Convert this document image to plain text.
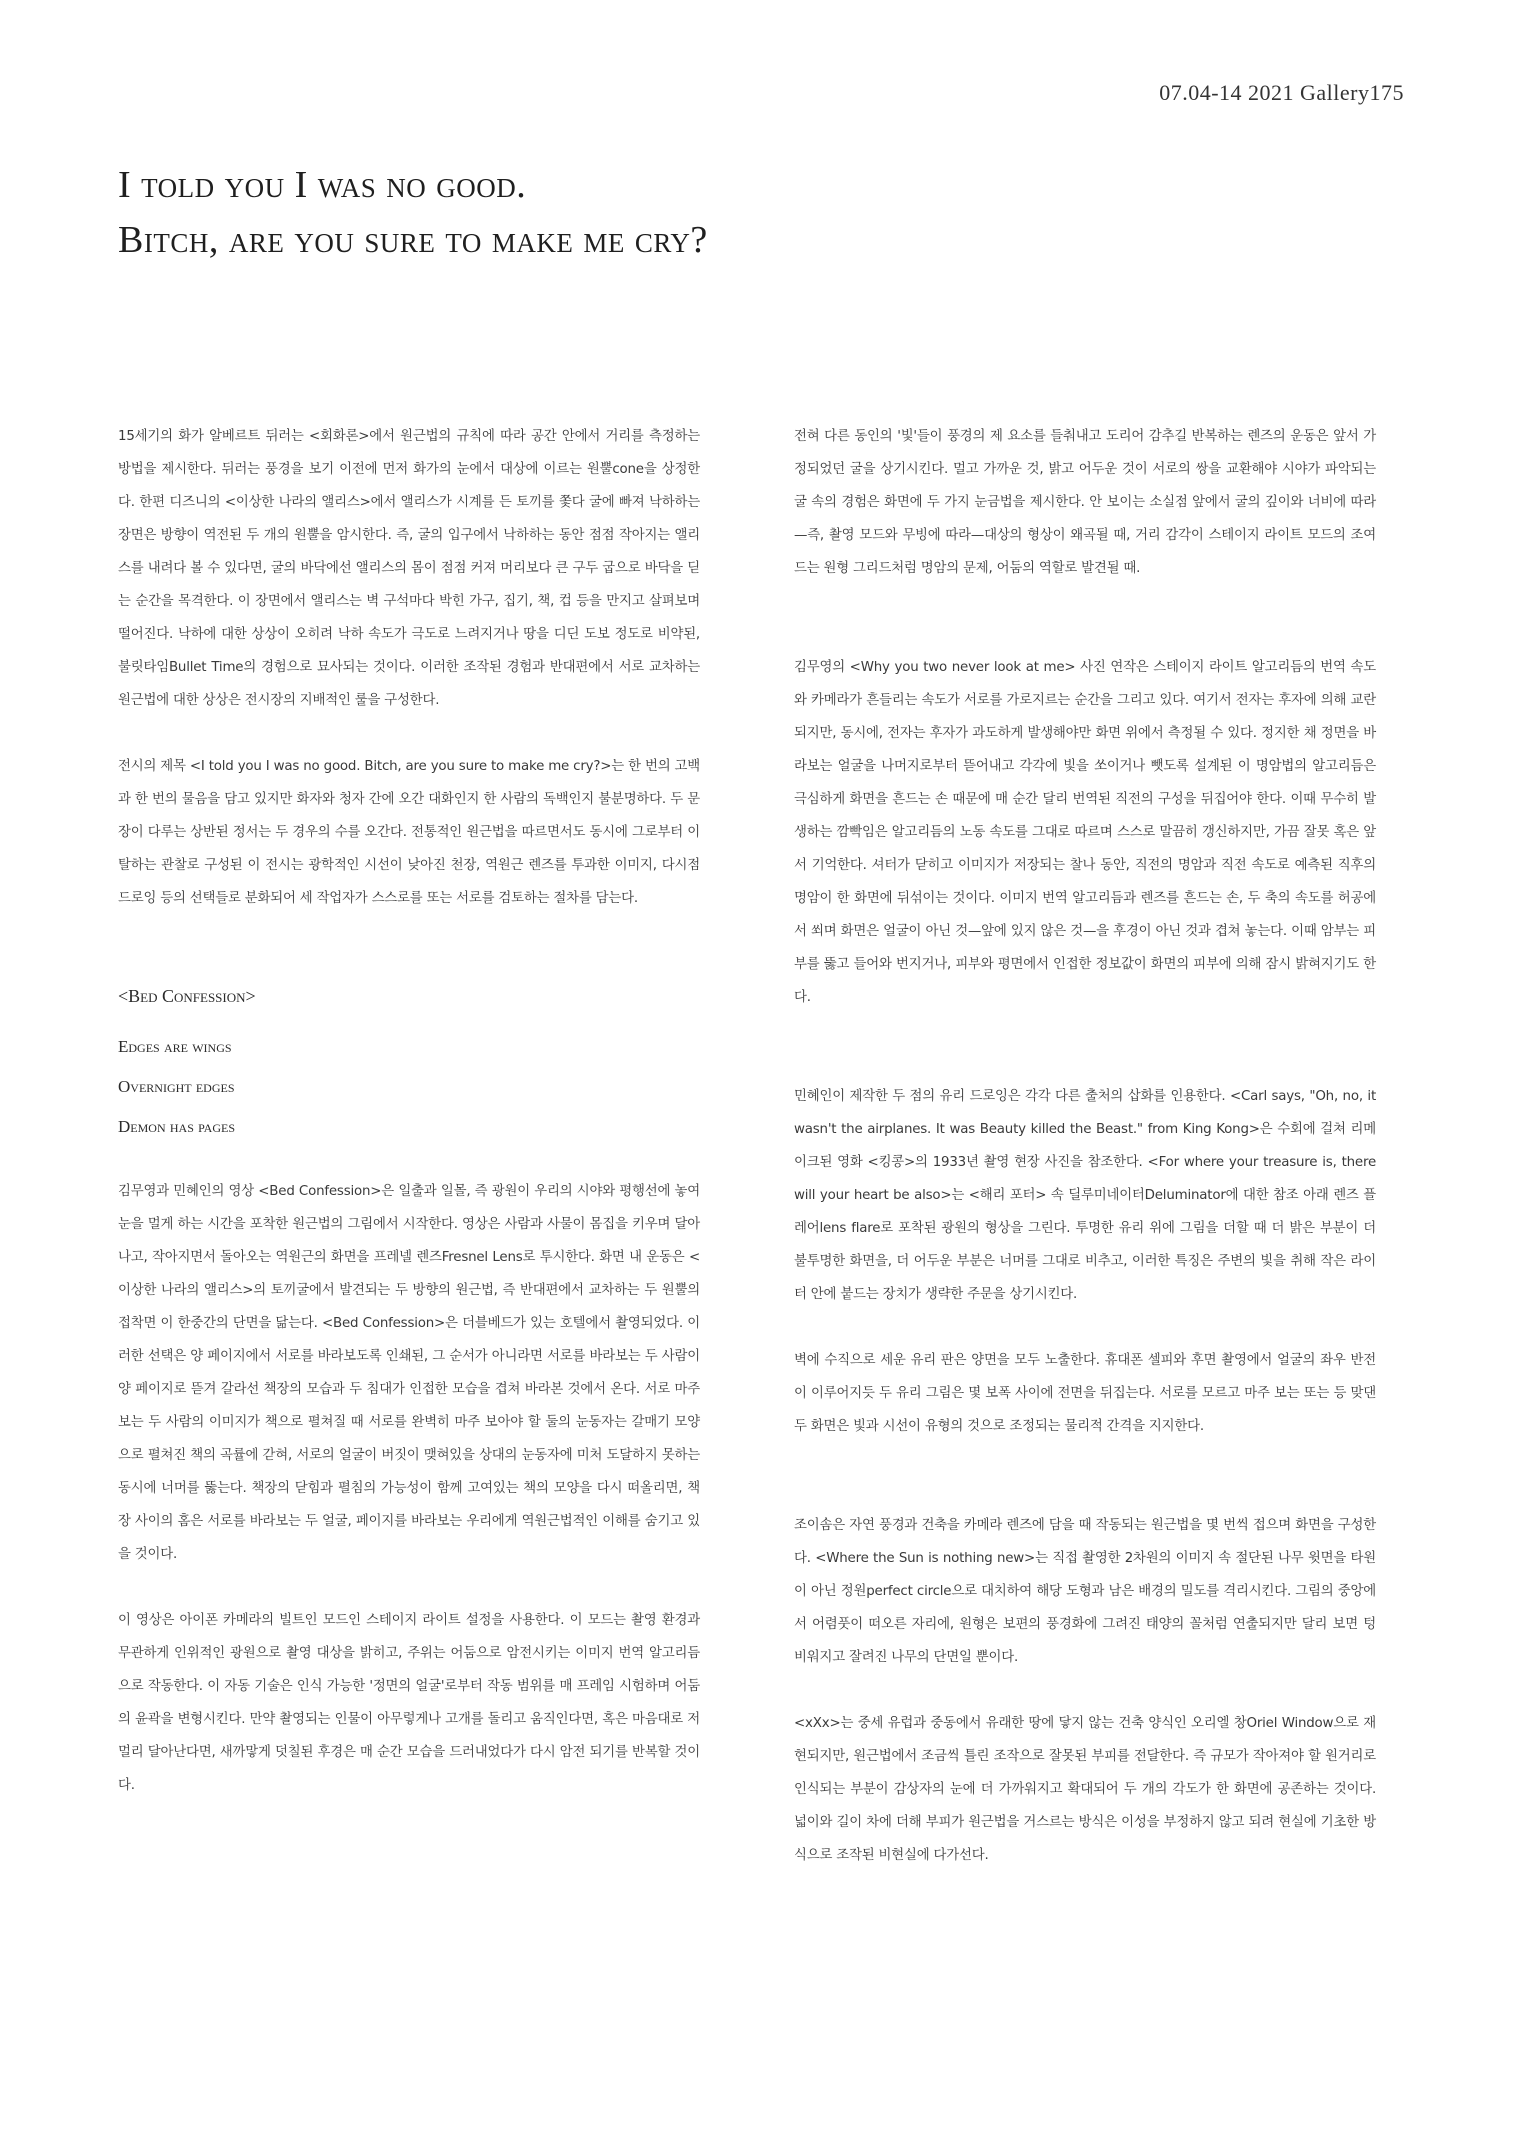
07.04-14 2021 Gallery175
I told you I was no good.
Bitch, are you sure to make me cry?

15세기의 화가 알베르트 뒤러는 <회화론>에서 원근법의 규칙에 따라 공간 안에서 거리를 측정하는 방법을 제시한다. 뒤러는 풍경을 보기 이전에 먼저 화가의 눈에서 대상에 이르는 원뿔cone을 상정한다. 한편 디즈니의 <이상한 나라의 앨리스>에서 앨리스가 시계를 든 토끼를 쫓다 굴에 빠져 낙하하는 장면은 방향이 역전된 두 개의 원뿔을 암시한다. 즉, 굴의 입구에서 낙하하는 동안 점점 작아지는 앨리스를 내려다 볼 수 있다면, 굴의 바닥에선 앨리스의 몸이 점점 커져 머리보다 큰 구두 굽으로 바닥을 딛는 순간을 목격한다. 이 장면에서 앨리스는 벽 구석마다 박힌 가구, 집기, 책, 컵 등을 만지고 살펴보며 떨어진다. 낙하에 대한 상상이 오히려 낙하 속도가 극도로 느려지거나 땅을 디딘 도보 정도로 비약된, 불릿타임Bullet Time의 경험으로 묘사되는 것이다. 이러한 조작된 경험과 반대편에서 서로 교차하는 원근법에 대한 상상은 전시장의 지배적인 룰을 구성한다.

전시의 제목 <I told you I was no good. Bitch, are you sure to make me cry?>는 한 번의 고백과 한 번의 물음을 담고 있지만 화자와 청자 간에 오간 대화인지 한 사람의 독백인지 불분명하다. 두 문장이 다루는 상반된 정서는 두 경우의 수를 오간다. 전통적인 원근법을 따르면서도 동시에 그로부터 이탈하는 관찰로 구성된 이 전시는 광학적인 시선이 낮아진 천장, 역원근 렌즈를 투과한 이미지, 다시점 드로잉 등의 선택들로 분화되어 세 작업자가 스스로를 또는 서로를 검토하는 절차를 담는다.

<Bed Confession>

Edges are wings

Overnight edges

Demon has pages

김무영과 민혜인의 영상 <Bed Confession>은 일출과 일몰, 즉 광원이 우리의 시야와 평행선에 놓여 눈을 멀게 하는 시간을 포착한 원근법의 그림에서 시작한다. 영상은 사람과 사물이 몸집을 키우며 달아나고, 작아지면서 돌아오는 역원근의 화면을 프레넬 렌즈Fresnel Lens로 투시한다. 화면 내 운동은 <이상한 나라의 앨리스>의 토끼굴에서 발견되는 두 방향의 원근법, 즉 반대편에서 교차하는 두 원뿔의 접착면 이 한중간의 단면을 닮는다. <Bed Confession>은 더블베드가 있는 호텔에서 촬영되었다. 이러한 선택은 양 페이지에서 서로를 바라보도록 인쇄된, 그 순서가 아니라면 서로를 바라보는 두 사람이 양 페이지로 뜯겨 갈라선 책장의 모습과 두 침대가 인접한 모습을 겹쳐 바라본 것에서 온다. 서로 마주 보는 두 사람의 이미지가 책으로 펼쳐질 때 서로를 완벽히 마주 보아야 할 둘의 눈동자는 갈매기 모양으로 펼쳐진 책의 곡률에 갇혀, 서로의 얼굴이 버짓이 맺혀있을 상대의 눈동자에 미처 도달하지 못하는 동시에 너머를 뚫는다. 책장의 닫힘과 펼침의 가능성이 함께 고여있는 책의 모양을 다시 떠올리면, 책장 사이의 홈은 서로를 바라보는 두 얼굴, 페이지를 바라보는 우리에게 역원근법적인 이해를 숨기고 있을 것이다.

이 영상은 아이폰 카메라의 빌트인 모드인 스테이지 라이트 설정을 사용한다. 이 모드는 촬영 환경과 무관하게 인위적인 광원으로 촬영 대상을 밝히고, 주위는 어둠으로 암전시키는 이미지 번역 알고리듬으로 작동한다. 이 자동 기술은 인식 가능한 '정면의 얼굴'로부터 작동 범위를 매 프레임 시험하며 어둠의 윤곽을 변형시킨다. 만약 촬영되는 인물이 아무렇게나 고개를 돌리고 움직인다면, 혹은 마음대로 저 멀리 달아난다면, 새까맣게 덧칠된 후경은 매 순간 모습을 드러내었다가 다시 암전 되기를 반복할 것이다.

전혀 다른 동인의 '빛'들이 풍경의 제 요소를 들춰내고 도리어 감추길 반복하는 렌즈의 운동은 앞서 가정되었던 굴을 상기시킨다. 멀고 가까운 것, 밝고 어두운 것이 서로의 쌍을 교환해야 시야가 파악되는 굴 속의 경험은 화면에 두 가지 눈금법을 제시한다. 안 보이는 소실점 앞에서 굴의 깊이와 너비에 따라—즉, 촬영 모드와 무빙에 따라—대상의 형상이 왜곡될 때, 거리 감각이 스테이지 라이트 모드의 조여드는 원형 그리드처럼 명암의 문제, 어둠의 역할로 발견될 때.

김무영의 <Why you two never look at me> 사진 연작은 스테이지 라이트 알고리듬의 번역 속도와 카메라가 흔들리는 속도가 서로를 가로지르는 순간을 그리고 있다. 여기서 전자는 후자에 의해 교란되지만, 동시에, 전자는 후자가 과도하게 발생해야만 화면 위에서 측정될 수 있다. 정지한 채 정면을 바라보는 얼굴을 나머지로부터 뜯어내고 각각에 빛을 쏘이거나 뺏도록 설계된 이 명암법의 알고리듬은 극심하게 화면을 흔드는 손 때문에 매 순간 달리 번역된 직전의 구성을 뒤집어야 한다. 이때 무수히 발생하는 깜빡임은 알고리듬의 노동 속도를 그대로 따르며 스스로 말끔히 갱신하지만, 가끔 잘못 혹은 앞서 기억한다. 셔터가 닫히고 이미지가 저장되는 찰나 동안, 직전의 명암과 직전 속도로 예측된 직후의 명암이 한 화면에 뒤섞이는 것이다. 이미지 번역 알고리듬과 렌즈를 흔드는 손, 두 축의 속도를 허공에서 쐬며 화면은 얼굴이 아닌 것—앞에 있지 않은 것—을 후경이 아닌 것과 겹쳐 놓는다. 이때 암부는 피부를 뚫고 들어와 번지거나, 피부와 평면에서 인접한 정보값이 화면의 피부에 의해 잠시 밝혀지기도 한다.

민혜인이 제작한 두 점의 유리 드로잉은 각각 다른 출처의 삽화를 인용한다. <Carl says, "Oh, no, it wasn't the airplanes. It was Beauty killed the Beast." from King Kong>은 수회에 걸쳐 리메이크된 영화 <킹콩>의 1933년 촬영 현장 사진을 참조한다. <For where your treasure is, there will your heart be also>는 <해리 포터> 속 딜루미네이터Deluminator에 대한 참조 아래 렌즈 플레어lens flare로 포착된 광원의 형상을 그린다. 투명한 유리 위에 그림을 더할 때 더 밝은 부분이 더 불투명한 화면을, 더 어두운 부분은 너머를 그대로 비추고, 이러한 특징은 주변의 빛을 취해 작은 라이터 안에 붙드는 장치가 생략한 주문을 상기시킨다.

벽에 수직으로 세운 유리 판은 양면을 모두 노출한다. 휴대폰 셀피와 후면 촬영에서 얼굴의 좌우 반전이 이루어지듯 두 유리 그림은 몇 보폭 사이에 전면을 뒤집는다. 서로를 모르고 마주 보는 또는 등 맞댄 두 화면은 빛과 시선이 유형의 것으로 조정되는 물리적 간격을 지지한다.

조이솜은 자연 풍경과 건축을 카메라 렌즈에 담을 때 작동되는 원근법을 몇 번씩 접으며 화면을 구성한다. <Where the Sun is nothing new>는 직접 촬영한 2차원의 이미지 속 절단된 나무 윗면을 타원이 아닌 정원perfect circle으로 대치하여 해당 도형과 남은 배경의 밀도를 격리시킨다. 그림의 중앙에서 어렴풋이 떠오른 자리에, 원형은 보편의 풍경화에 그려진 태양의 꼴처럼 연출되지만 달리 보면 텅 비워지고 잘려진 나무의 단면일 뿐이다.

<xXx>는 중세 유럽과 중동에서 유래한 땅에 닿지 않는 건축 양식인 오리엘 창Oriel Window으로 재현되지만, 원근법에서 조금씩 틀린 조작으로 잘못된 부피를 전달한다. 즉 규모가 작아져야 할 원거리로 인식되는 부분이 감상자의 눈에 더 가까워지고 확대되어 두 개의 각도가 한 화면에 공존하는 것이다. 넓이와 길이 차에 더해 부피가 원근법을 거스르는 방식은 이성을 부정하지 않고 되려 현실에 기초한 방식으로 조작된 비현실에 다가선다.
